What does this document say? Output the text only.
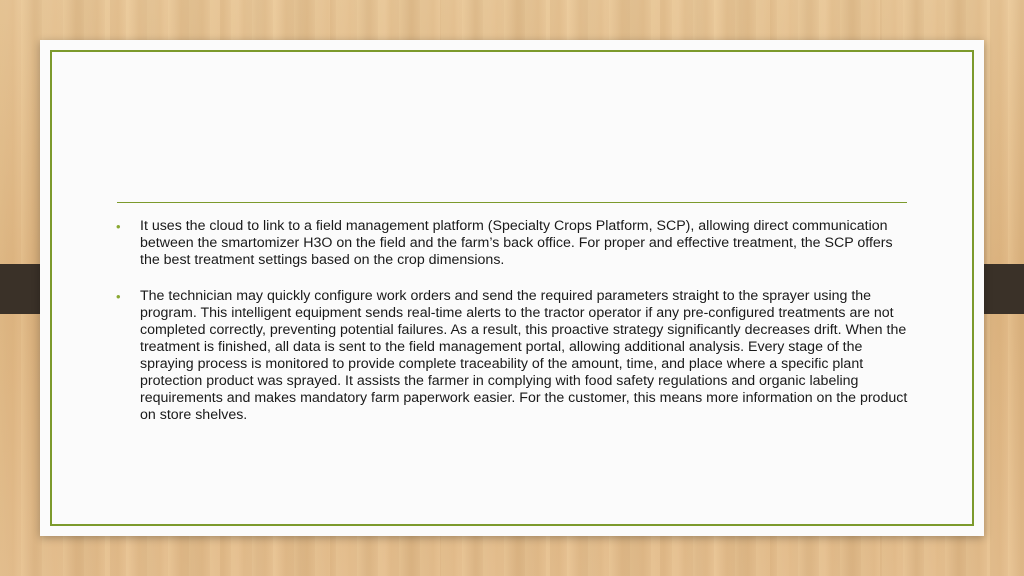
• It uses the cloud to link to a field management platform (Specialty Crops Platform, SCP), allowing direct communication between the smartomizer H3O on the field and the farm’s back office. For proper and effective treatment, the SCP offers the best treatment settings based on the crop dimensions.
• The technician may quickly configure work orders and send the required parameters straight to the sprayer using the program. This intelligent equipment sends real-time alerts to the tractor operator if any pre-configured treatments are not completed correctly, preventing potential failures. As a result, this proactive strategy significantly decreases drift. When the treatment is finished, all data is sent to the field management portal, allowing additional analysis. Every stage of the spraying process is monitored to provide complete traceability of the amount, time, and place where a specific plant protection product was sprayed. It assists the farmer in complying with food safety regulations and organic labeling requirements and makes mandatory farm paperwork easier. For the customer, this means more information on the product on store shelves.
